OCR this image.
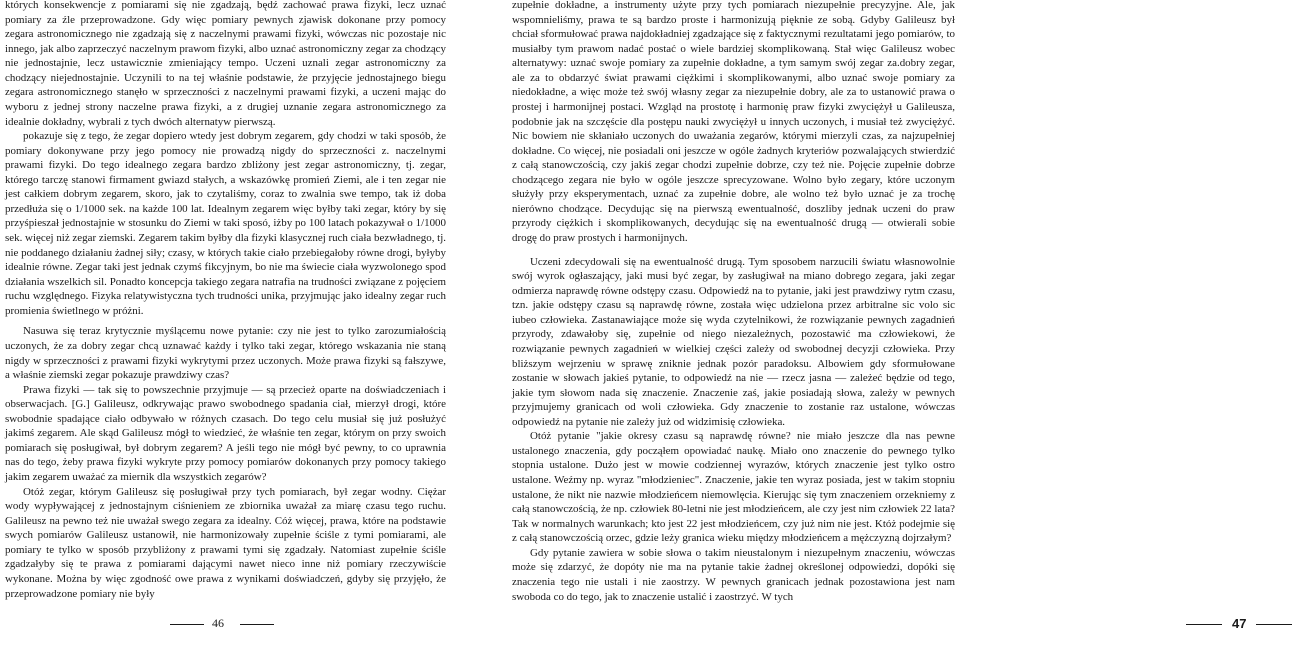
których konsekwencje z pomiarami się nie zgadzają, będź zachować prawa fizyki, lecz uznać pomiary za źle przeprowadzone. Gdy więc pomiary pewnych zjawisk dokonane przy pomocy zegara astronomicznego nie zgadzają się z naczelnymi prawami fizyki, wówczas nic pozostaje nic innego, jak albo zaprzeczyć naczelnym prawom fizyki, albo uznać astronomiczny zegar za chodzący nie jednostajnie, lecz ustawicznie zmieniający tempo. Uczeni uznali zegar astronomiczny za chodzący niejednostajnie. Uczynili to na tej właśnie podstawie, że przyjęcie jednostajnego biegu zegara astronomicznego stanęło w sprzeczności z naczelnymi prawami fizyki, a uczeni mając do wyboru z jednej strony naczelne prawa fizyki, a z drugiej uznanie zegara astronomicznego za idealnie dokładny, wybrali z tych dwóch alternatyw pierwszą.

pokazuje się z tego, że zegar dopiero wtedy jest dobrym zegarem, gdy chodzi w taki sposób, że pomiary dokonywane przy jego pomocy nie prowadzą nigdy do sprzeczności z. naczelnymi prawami fizyki. Do tego idealnego zegara bardzo zbliżony jest zegar astronomiczny, tj. zegar, którego tarczę stanowi firmament gwiazd stałych, a wskazówkę promień Ziemi, ale i ten zegar nie jest całkiem dobrym zegarem, skoro, jak to czytaliśmy, coraz to zwalnia swe tempo, tak iż doba przedłuża się o 1/1000 sek. na każde 100 lat. Idealnym zegarem więc byłby taki zegar, który by się przyśpieszał jednostajnie w stosunku do Ziemi w taki sposó, iżby po 100 latach pokazywał o 1/1000 sek. więcej niż zegar ziemski. Zegarem takim byłby dla fizyki klasycznej ruch ciała bezwładnego, tj. nie poddanego działaniu żadnej siły; czasy, w których takie ciało przebiegałoby równe drogi, byłyby idealnie równe. Zegar taki jest jednak czymś fikcyjnym, bo nie ma świecie ciała wyzwolonego spod działania wszelkich sil. Ponadto koncepcja takiego zegara natrafia na trudności związane z pojęciem ruchu względnego. Fizyka relatywistyczna tych trudności unika, przyjmując jako idealny zegar ruch promienia świetlnego w próżni.

Nasuwa się teraz krytycznie myślącemu nowe pytanie: czy nie jest to tylko zarozumiałością uczonych, że za dobry zegar chcą uznawać każdy i tylko taki zegar, którego wskazania nie staną nigdy w sprzeczności z prawami fizyki wykrytymi przez uczonych. Może prawa fizyki są fałszywe, a właśnie ziemski zegar pokazuje prawdziwy czas?

Prawa fizyki — tak się to powszechnie przyjmuje — są przecież oparte na doświadczeniach i obserwacjach. [G.] Galileusz, odkrywając prawo swobodnego spadania ciał, mierzył drogi, które swobodnie spadające ciało odbywało w różnych czasach. Do tego celu musiał się już posłużyć jakimś zegarem. Ale skąd Galileusz mógł to wiedzieć, że właśnie ten zegar, którym on przy swoich pomiarach się posługiwał, był dobrym zegarem? A jeśli tego nie mógł być pewny, to co uprawnia nas do tego, żeby prawa fizyki wykryte przy pomocy pomiarów dokonanych przy pomocy takiego jakim zegarem uważać za miernik dla wszystkich zegarów?

Otóż zegar, którym Galileusz się posługiwał przy tych pomiarach, był zegar wodny. Ciężar wody wypływającej z jednostajnym ciśnieniem ze zbiornika uważał za miarę czasu tego ruchu. Galileusz na pewno też nie uważał swego zegara za idealny. Cóż więcej, prawa, które na podstawie swych pomiarów Galileusz ustanowił, nie harmonizowały zupełnie ściśle z tymi pomiarami, ale pomiary te tylko w sposób przybliżony z prawami tymi się zgadzały. Natomiast zupełnie ściśle zgadzałyby się te prawa z pomiarami dającymi nawet nieco inne niż pomiary rzeczywiście wykonane. Można by więc zgodność owe prawa z wynikami doświadczeń, gdyby się przyjęło, że przeprowadzone pomiary nie były

46

zupełnie dokładne, a instrumenty użyte przy tych pomiarach niezupełnie precyzyjne. Ale, jak wspomnieliśmy, prawa te są bardzo proste i harmonizują pięknie ze sobą. Gdyby Galileusz był chciał sformułować prawa najdokładniej zgadzające się z faktycznymi rezultatami jego pomiarów, to musiałby tym prawom nadać postać o wiele bardziej skomplikowaną. Stał więc Galileusz wobec alternatywy: uznać swoje pomiary za zupełnie dokładne, a tym samym swój zegar za.dobry zegar, ale za to obdarzyć świat prawami ciężkimi i skomplikowanymi, albo uznać swoje pomiary za niedokładne, a więc może też swój własny zegar za niezupełnie dobry, ale za to ustanowić prawa o prostej i harmonijnej postaci. Wzgląd na prostotę i harmonię praw fizyki zwyciężył u Galileusza, podobnie jak na szczęście dla postępu nauki zwyciężył u innych uczonych, i musiał też zwyciężyć. Nic bowiem nie skłaniało uczonych do uważania zegarów, którymi mierzyli czas, za najzupełniej dokładne. Co więcej, nie posiadali oni jeszcze w ogóle żadnych kryteriów pozwalających stwierdzić z całą stanowczością, czy jakiś zegar chodzi zupełnie dobrze, czy też nie. Pojęcie zupełnie dobrze chodzącego zegara nie było w ogóle jeszcze sprecyzowane. Wolno było zegary, które uczonym służyły przy eksperymentach, uznać za zupełnie dobre, ale wolno też było uznać je za trochę nierówno chodzące. Decydując się na pierwszą ewentualność, doszliby jednak uczeni do praw przyrody ciężkich i skomplikowanych, decydując się na ewentualność drugą — otwierali sobie drogę do praw prostych i harmonijnych.

Uczeni zdecydowali się na ewentualność drugą. Tym sposobem narzucili światu własnowolnie swój wyrok ogłaszający, jaki musi być zegar, by zasługiwał na miano dobrego zegara, jaki zegar odmierza naprawdę równe odstępy czasu. Odpowiedź na to pytanie, jaki jest prawdziwy rytm czasu, tzn. jakie odstępy czasu są naprawdę równe, została więc udzielona przez arbitralne sic volo sic iubeo człowieka. Zastanawiające może się wyda czytelnikowi, że rozwiązanie pewnych zagadnień przyrody, zdawałoby się, zupełnie od niego niezależnych, pozostawić ma człowiekowi, że rozwiązanie pewnych zagadnień w wielkiej części zależy od swobodnej decyzji człowieka. Przy bliższym wejrzeniu w sprawę zniknie jednak pozór paradoksu. Albowiem gdy sformułowane zostanie w słowach jakieś pytanie, to odpowiedź na nie — rzecz jasna — zależeć będzie od tego, jakie tym słowom nada się znaczenie. Znaczenie zaś, jakie posiadają słowa, zależy w pewnych przyjmujemy granicach od woli człowieka. Gdy znaczenie to zostanie raz ustalone, wówczas odpowiedź na pytanie nie zależy już od widzimisię człowieka.

Otóż pytanie "jakie okresy czasu są naprawdę równe? nie miało jeszcze dla nas pewne ustalonego znaczenia, gdy począłem opowiadać naukę. Miało ono znaczenie do pewnego tylko stopnia ustalone. Dużo jest w mowie codziennej wyrazów, których znaczenie jest tylko ostro ustalone. Weźmy np. wyraz "młodzieniec". Znaczenie, jakie ten wyraz posiada, jest w takim stopniu ustalone, że nikt nie nazwie młodzieńcem niemowlęcia. Kierując się tym znaczeniem orzekniemy z całą stanowczością, że np. człowiek 80-letni nie jest młodzieńcem, ale czy jest nim człowiek 22 lata? Tak w normalnych warunkach; kto jest 22 jest młodzieńcem, czy już nim nie jest. Któż podejmie się z całą stanowczością orzec, gdzie leży granica wieku między młodzieńcem a mężczyzną dojrzałym?

Gdy pytanie zawiera w sobie słowa o takim nieustalonym i niezupełnym znaczeniu, wówczas może się zdarzyć, że dopóty nie ma na pytanie takie żadnej określonej odpowiedzi, dopóki się znaczenia tego nie ustali i nie zaostrzy. W pewnych granicach jednak pozostawiona jest nam swoboda co do tego, jak to znaczenie ustalić i zaostrzyć. W tych

47
